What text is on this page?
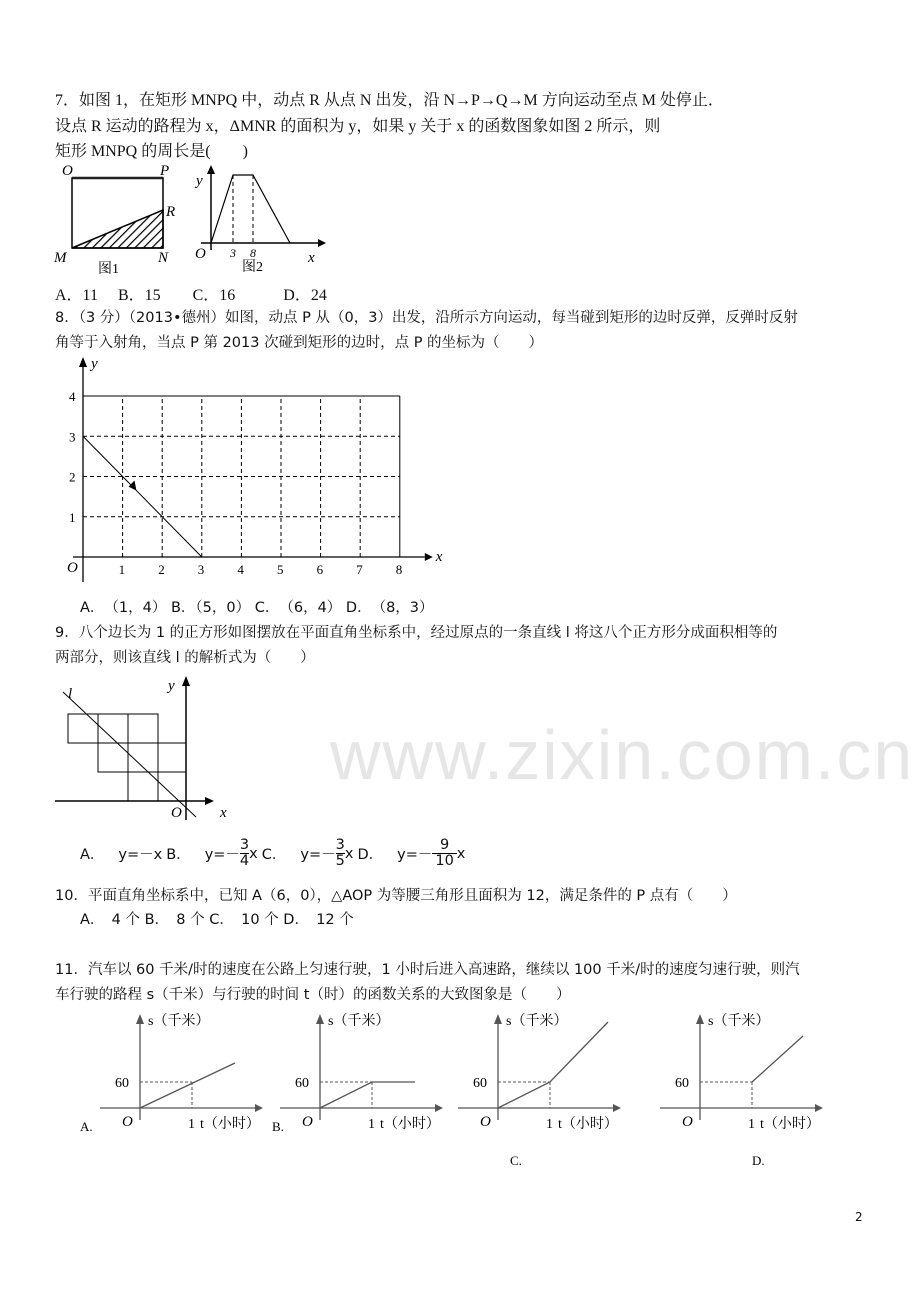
www.zixin.com.cn
7．如图 1，在矩形 MNPQ 中，动点 R 从点 N 出发，沿 N→P→Q→M 方向运动至点 M 处停止．
设点 R 运动的路程为 x，ΔMNR 的面积为 y，如果 y 关于 x 的函数图象如图 2 所示，则
矩形 MNPQ 的周长是(　　)
O	P
R
M	N
图1
y
O 3 8	x
图2
A．11　 B．15　　C．16　　　D．24
8．（3 分）（2013•德州）如图，动点 P 从（0，3）出发，沿所示方向运动，每当碰到矩形的边时反弹，反弹时反射
角等于入射角，当点 P 第 2013 次碰到矩形的边时，点 P 的坐标为（　　）
1	2	3	4	5	6	7	8
1
2
3
4
x
y
O
A．　（1，4） B．（5，0） C．　（6，4） D．　（8，3）
9．八个边长为 1 的正方形如图摆放在平面直角坐标系中，经过原点的一条直线 l 将这八个正方形分成面积相等的
两部分，则该直线 l 的解析式为（　　）
l	y
O	x
A． y=－x B． $y=- \frac{3}{4}$ x C． $y=- \frac{3}{5}$ x D． $y=- \frac{9}{10}$ x
10．平面直角坐标系中，已知 A（6，0），△AOP 为等腰三角形且面积为 12，满足条件的 P 点有（　　）
A．　4 个 B．　8 个 C．　10 个 D．　12 个
11．汽车以 60 千米/时的速度在公路上匀速行驶，1 小时后进入高速路，继续以 100 千米/时的速度匀速行驶，则汽
车行驶的路程 s（千米）与行驶的时间 t（时）的函数关系的大致图象是（　　）
s（千米）
60
O	1 t（小时）
A.
s（千米）
60
O	1 t（小时）
B.
s（千米）
60
O	1 t（小时）
C.
s（千米）
60
O	1 t（小时）
D.
2
